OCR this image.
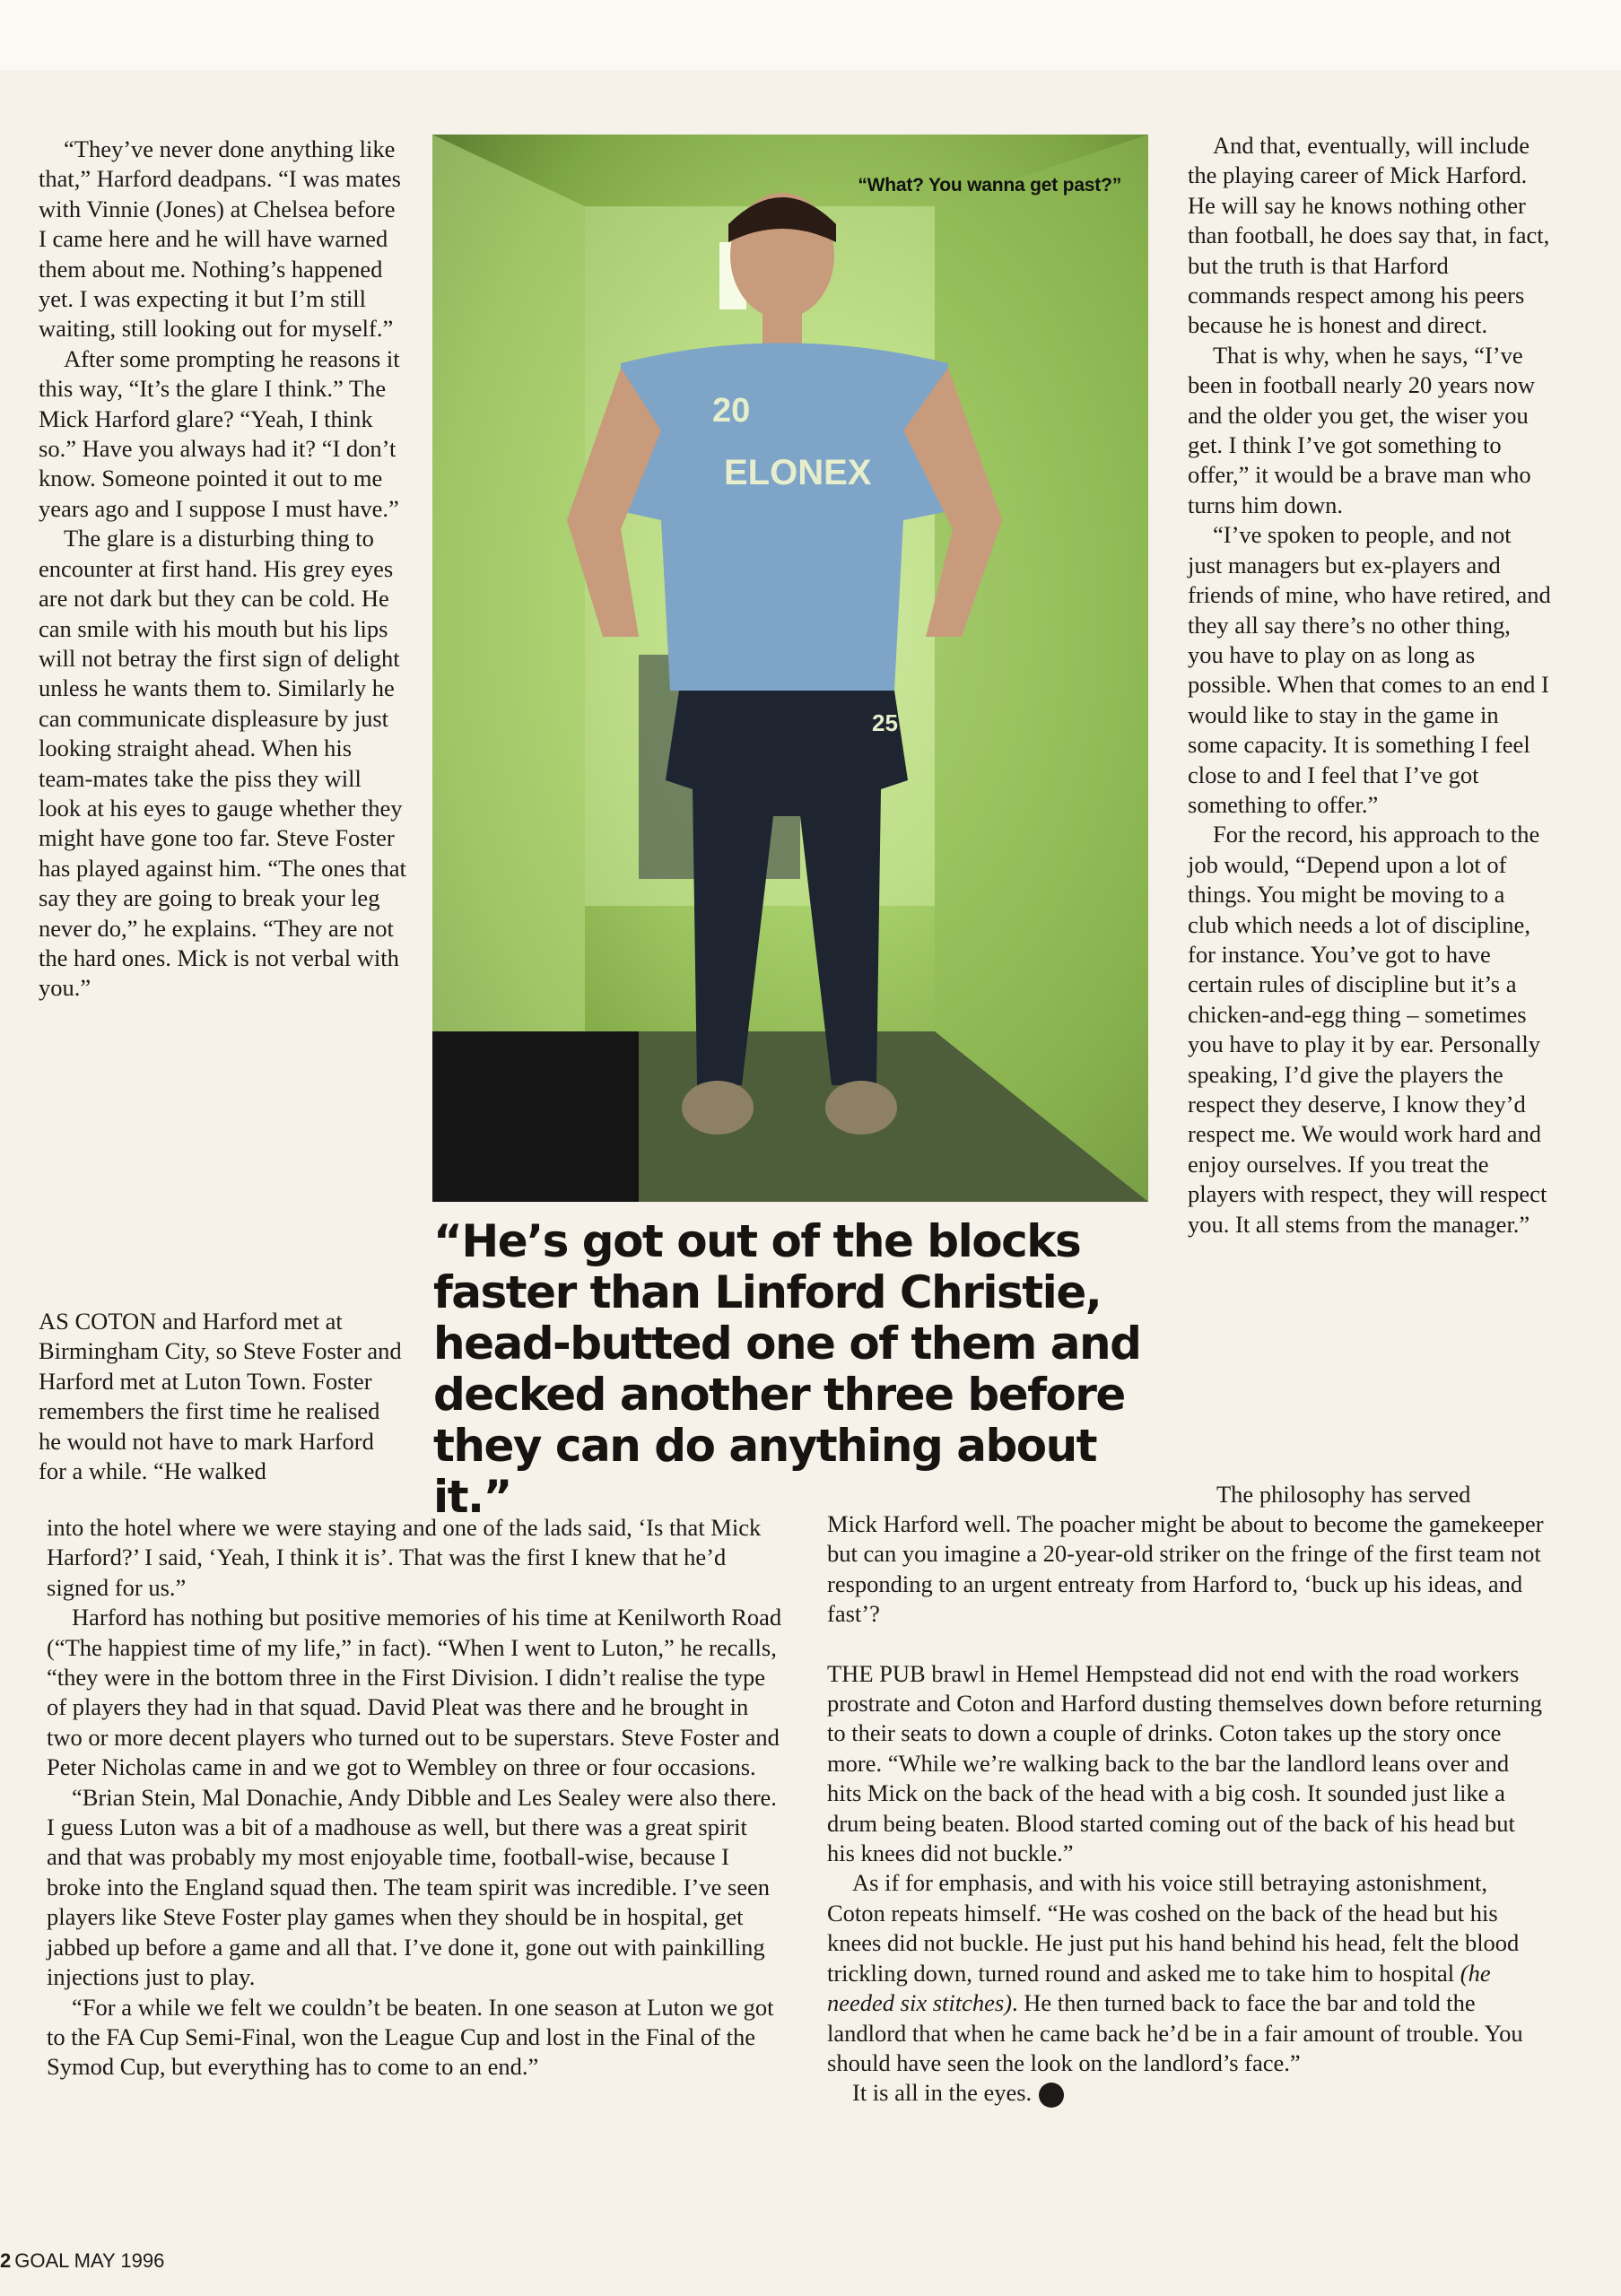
“They’ve never done anything like that,” Harford deadpans. “I was mates with Vinnie (Jones) at Chelsea before I came here and he will have warned them about me. Nothing’s happened yet. I was expecting it but I’m still waiting, still looking out for myself.”

After some prompting he reasons it this way, “It’s the glare I think.” The Mick Harford glare? “Yeah, I think so.” Have you always had it? “I don’t know. Someone pointed it out to me years ago and I suppose I must have.”

The glare is a disturbing thing to encounter at first hand. His grey eyes are not dark but they can be cold. He can smile with his mouth but his lips will not betray the first sign of delight unless he wants them to. Similarly he can communicate displeasure by just looking straight ahead. When his team-mates take the piss they will look at his eyes to gauge whether they might have gone too far. Steve Foster has played against him. “The ones that say they are going to break your leg never do,” he explains. “They are not the hard ones. Mick is not verbal with you.”

AS COTON and Harford met at Birmingham City, so Steve Foster and Harford met at Luton Town. Foster remembers the first time he realised he would not have to mark Harford for a while. “He walked

20
ELONEX
25
“What? You wanna get past?”
“He’s got out of the blocks faster than Linford Christie, head-butted one of them and decked another three before they can do anything about it.”

And that, eventually, will include the playing career of Mick Harford. He will say he knows nothing other than football, he does say that, in fact, but the truth is that Harford commands respect among his peers because he is honest and direct.

That is why, when he says, “I’ve been in football nearly 20 years now and the older you get, the wiser you get. I think I’ve got something to offer,” it would be a brave man who turns him down.

“I’ve spoken to people, and not just managers but ex-players and friends of mine, who have retired, and they all say there’s no other thing, you have to play on as long as possible. When that comes to an end I would like to stay in the game in some capacity. It is something I feel close to and I feel that I’ve got something to offer.”

For the record, his approach to the job would, “Depend upon a lot of things. You might be moving to a club which needs a lot of discipline, for instance. You’ve got to have certain rules of discipline but it’s a chicken-and-egg thing – sometimes you have to play it by ear. Personally speaking, I’d give the players the respect they deserve, I know they’d respect me. We would work hard and enjoy ourselves. If you treat the players with respect, they will respect you. It all stems from the manager.”

The philosophy has served

into the hotel where we were staying and one of the lads said, ‘Is that Mick Harford?’ I said, ‘Yeah, I think it is’. That was the first I knew that he’d signed for us.”

Harford has nothing but positive memories of his time at Kenilworth Road (“The happiest time of my life,” in fact). “When I went to Luton,” he recalls, “they were in the bottom three in the First Division. I didn’t realise the type of players they had in that squad. David Pleat was there and he brought in two or more decent players who turned out to be superstars. Steve Foster and Peter Nicholas came in and we got to Wembley on three or four occasions.

“Brian Stein, Mal Donachie, Andy Dibble and Les Sealey were also there. I guess Luton was a bit of a madhouse as well, but there was a great spirit and that was probably my most enjoyable time, football-wise, because I broke into the England squad then. The team spirit was incredible. I’ve seen players like Steve Foster play games when they should be in hospital, get jabbed up before a game and all that. I’ve done it, gone out with painkilling injections just to play.

“For a while we felt we couldn’t be beaten. In one season at Luton we got to the FA Cup Semi-Final, won the League Cup and lost in the Final of the Symod Cup, but everything has to come to an end.”

Mick Harford well. The poacher might be about to become the gamekeeper but can you imagine a 20-year-old striker on the fringe of the first team not responding to an urgent entreaty from Harford to, ‘buck up his ideas, and fast’?

THE PUB brawl in Hemel Hempstead did not end with the road workers prostrate and Coton and Harford dusting themselves down before returning to their seats to down a couple of drinks. Coton takes up the story once more. “While we’re walking back to the bar the landlord leans over and hits Mick on the back of the head with a big cosh. It sounded just like a drum being beaten. Blood started coming out of the back of his head but his knees did not buckle.”

As if for emphasis, and with his voice still betraying astonishment, Coton repeats himself. “He was coshed on the back of the head but his knees did not buckle. He just put his hand behind his head, felt the blood trickling down, turned round and asked me to take him to hospital (he needed six stitches). He then turned back to face the bar and told the landlord that when he came back he’d be in a fair amount of trouble. You should have seen the look on the landlord’s face.”

It is all in the eyes. g

2 GOAL MAY 1996
